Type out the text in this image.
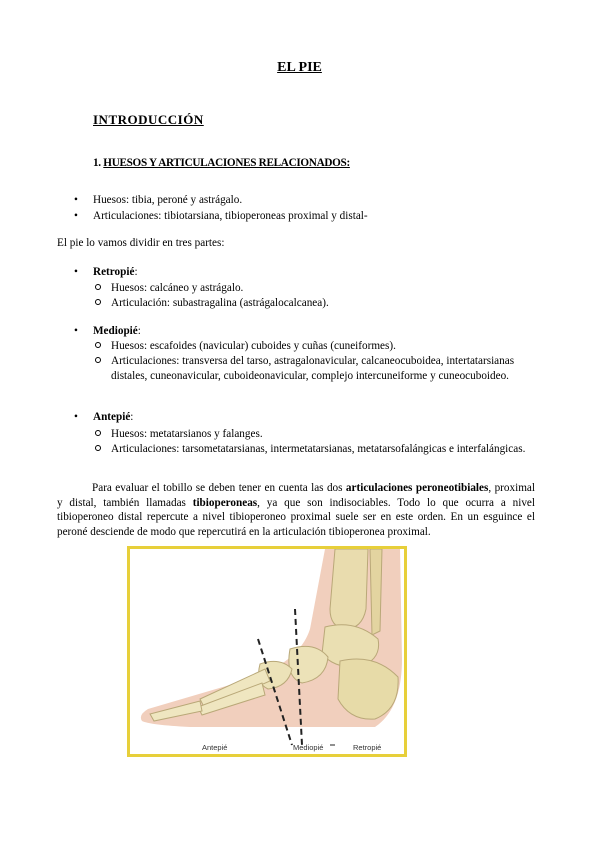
EL PIE
INTRODUCCIÓN
1. HUESOS Y ARTICULACIONES RELACIONADOS:
• Huesos: tibia, peroné y astrágalo.
• Articulaciones: tibiotarsiana, tibioperoneas proximal y distal-
El pie lo vamos dividir en tres partes:
• Retropié:
Huesos: calcáneo y astrágalo.
Articulación: subastragalina (astrágalocalcanea).
• Mediopié:
Huesos: escafoides (navicular) cuboides y cuñas (cuneiformes).
Articulaciones: transversa del tarso, astragalonavicular, calcaneocuboidea, intertatarsianas distales, cuneonavicular, cuboideonavicular, complejo intercuneiforme y cuneocuboideo.
• Antepié:
Huesos: metatarsianos y falanges.
Articulaciones: tarsometatarsianas, intermetatarsianas, metatarsofalángicas e interfalángicas.
Para evaluar el tobillo se deben tener en cuenta las dos articulaciones peroneotibiales, proximal y distal, también llamadas tibioperoneas, ya que son indisociables. Todo lo que ocurra a nivel tibioperoneo distal repercute a nivel tibioperoneo proximal suele ser en este orden. En un esguince el peroné desciende de modo que repercutirá en la articulación tibioperonea proximal.
Antepié	Mediopié	Retropié
